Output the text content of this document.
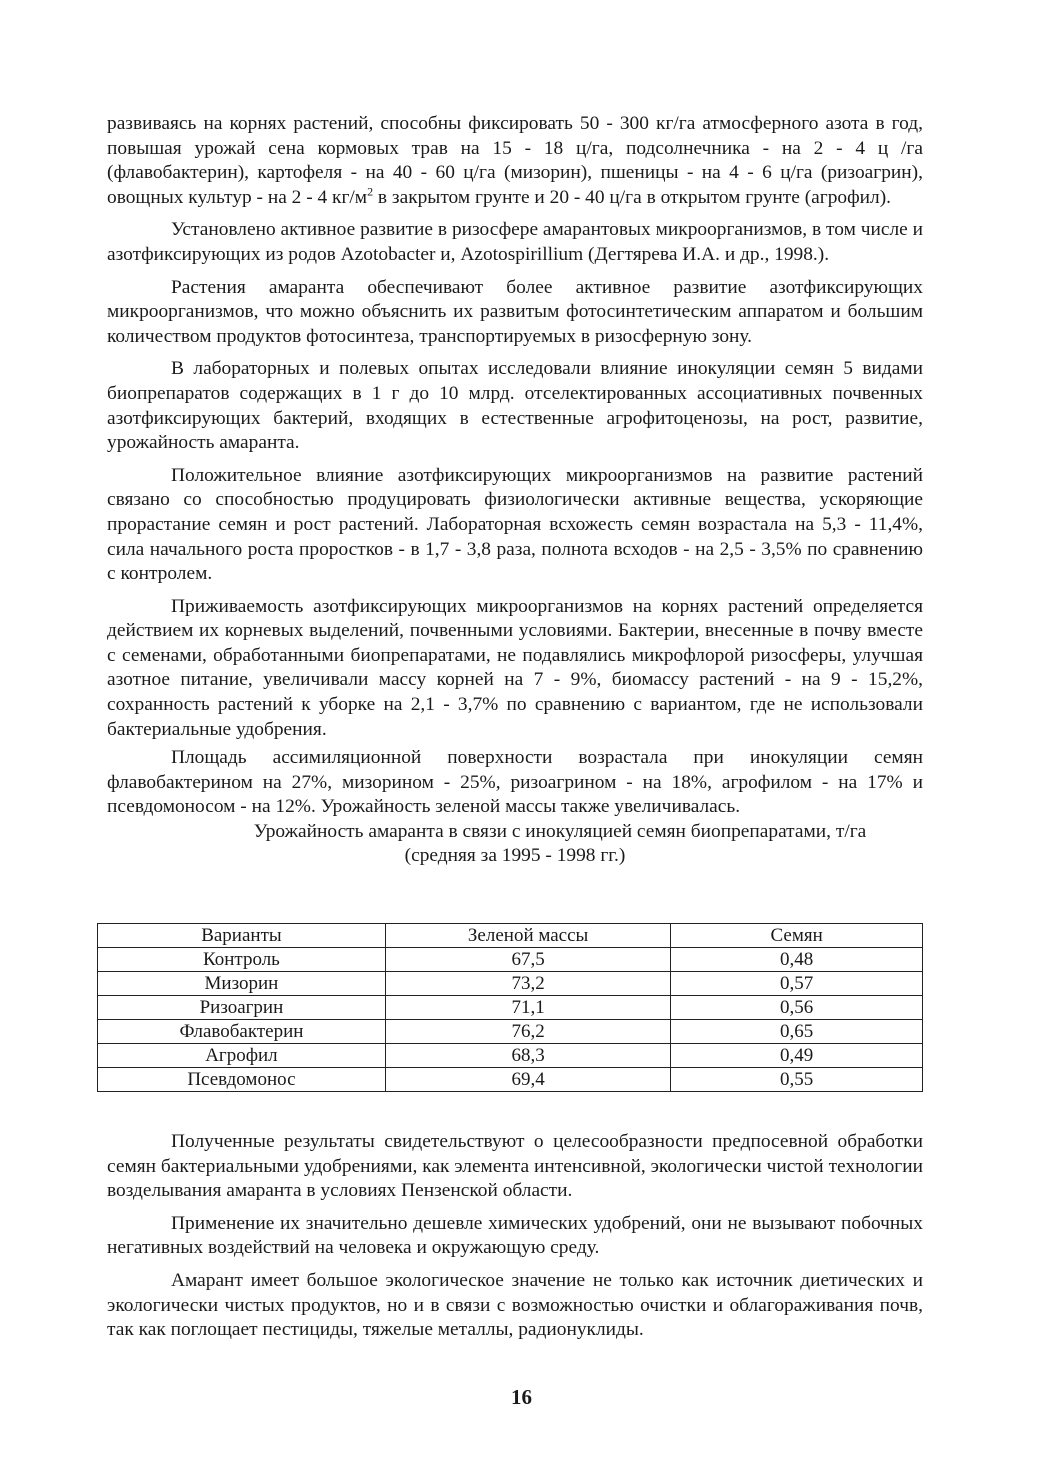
развиваясь на корнях растений, способны фиксировать 50 - 300 кг/га атмосферного азота в год, повышая урожай сена кормовых трав на 15 - 18 ц/га, подсолнечника - на 2 - 4 ц /га (флавобактерин), картофеля - на 40 - 60 ц/га (мизорин), пшеницы - на 4 - 6 ц/га (ризоагрин), овощных культур - на 2 - 4 $кг/м^2$ в закрытом грунте и 20 - 40 ц/га в открытом грунте (агрофил).

Установлено активное развитие в ризосфере амарантовых микроорганизмов, в том числе и азотфиксирующих из родов Azotobacter и, Azotospirillium (Дегтярева И.А. и др., 1998.).

Растения амаранта обеспечивают более активное развитие азотфиксирующих микроорганизмов, что можно объяснить их развитым фотосинтетическим аппаратом и большим количеством продуктов фотосинтеза, транспортируемых в ризосферную зону.

В лабораторных и полевых опытах исследовали влияние инокуляции семян 5 видами биопрепаратов содержащих в 1 г до 10 млрд. отселектированных ассоциативных почвенных азотфиксирующих бактерий, входящих в естественные агрофитоценозы, на рост, развитие, урожайность амаранта.

Положительное влияние азотфиксирующих микроорганизмов на развитие растений связано со способностью продуцировать физиологически активные вещества, ускоряющие прорастание семян и рост растений. Лабораторная всхожесть семян возрастала на 5,3 - 11,4%, сила начального роста проростков - в 1,7 - 3,8 раза, полнота всходов - на 2,5 - 3,5% по сравнению с контролем.

Приживаемость азотфиксирующих микроорганизмов на корнях растений определяется действием их корневых выделений, почвенными условиями. Бактерии, внесенные в почву вместе с семенами, обработанными биопрепаратами, не подавлялись микрофлорой ризосферы, улучшая азотное питание, увеличивали массу корней на 7 - 9%, биомассу растений - на 9 - 15,2%, сохранность растений к уборке на 2,1 - 3,7% по сравнению с вариантом, где не использовали бактериальные удобрения.

Площадь ассимиляционной поверхности возрастала при инокуляции семян флавобактерином на 27%, мизорином - 25%, ризоагрином - на 18%, агрофилом - на 17% и псевдомоносом - на 12%. Урожайность зеленой массы также увеличивалась.

Урожайность амаранта в связи с инокуляцией семян биопрепаратами, т/га

(средняя за 1995 - 1998 гг.)

Варианты	Зеленой массы	Семян
Контроль	67,5	0,48
Мизорин	73,2	0,57
Ризоагрин	71,1	0,56
Флавобактерин	76,2	0,65
Агрофил	68,3	0,49
Псевдомонос	69,4	0,55

Полученные результаты свидетельствуют о целесообразности предпосевной обработки семян бактериальными удобрениями, как элемента интенсивной, экологически чистой технологии возделывания амаранта в условиях Пензенской области.

Применение их значительно дешевле химических удобрений, они не вызывают побочных негативных воздействий на человека и окружающую среду.

Амарант имеет большое экологическое значение не только как источник диетических и экологически чистых продуктов, но и в связи с возможностью очистки и облагораживания почв, так как поглощает пестициды, тяжелые металлы, радионуклиды.

16
